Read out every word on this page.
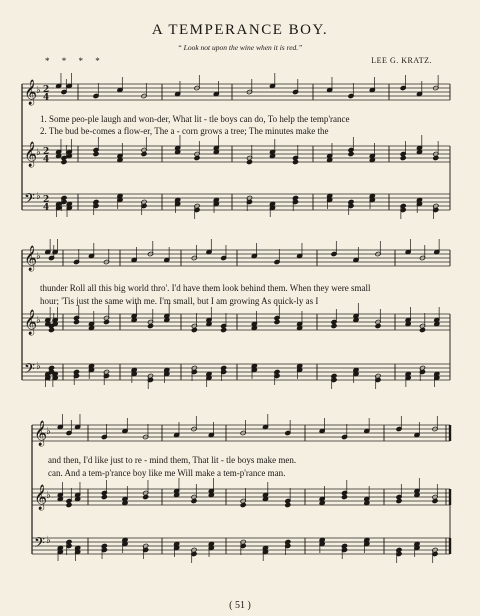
A TEMPERANCE BOY.
“ Look not upon the wine when it is red.”
* * * *	LEE G. KRATZ.
𝄞
♭ 2
4
𝄞
♭ 2
4
𝄢 ♭ 2
4
𝄞
♭
𝄞
♭
𝄢 ♭
𝄞
♭
𝄞
♭
𝄢 ♭
1. Some peo-ple laugh and won-der, What lit - tle boys can do, To help the temp'rance
2. The bud be-comes a flow-er, The a - corn grows a tree; The minutes make the
thunder Roll all this big world thro'. I'd have them look behind them. When they were small
hour; 'Tis just the same with me. I'm small, but I am growing As quick-ly as I
and then, I'd like just to re - mind them, That lit - tle boys make men.
can. And a tem-p'rance boy like me Will make a tem-p'rance man.
( 51 )
